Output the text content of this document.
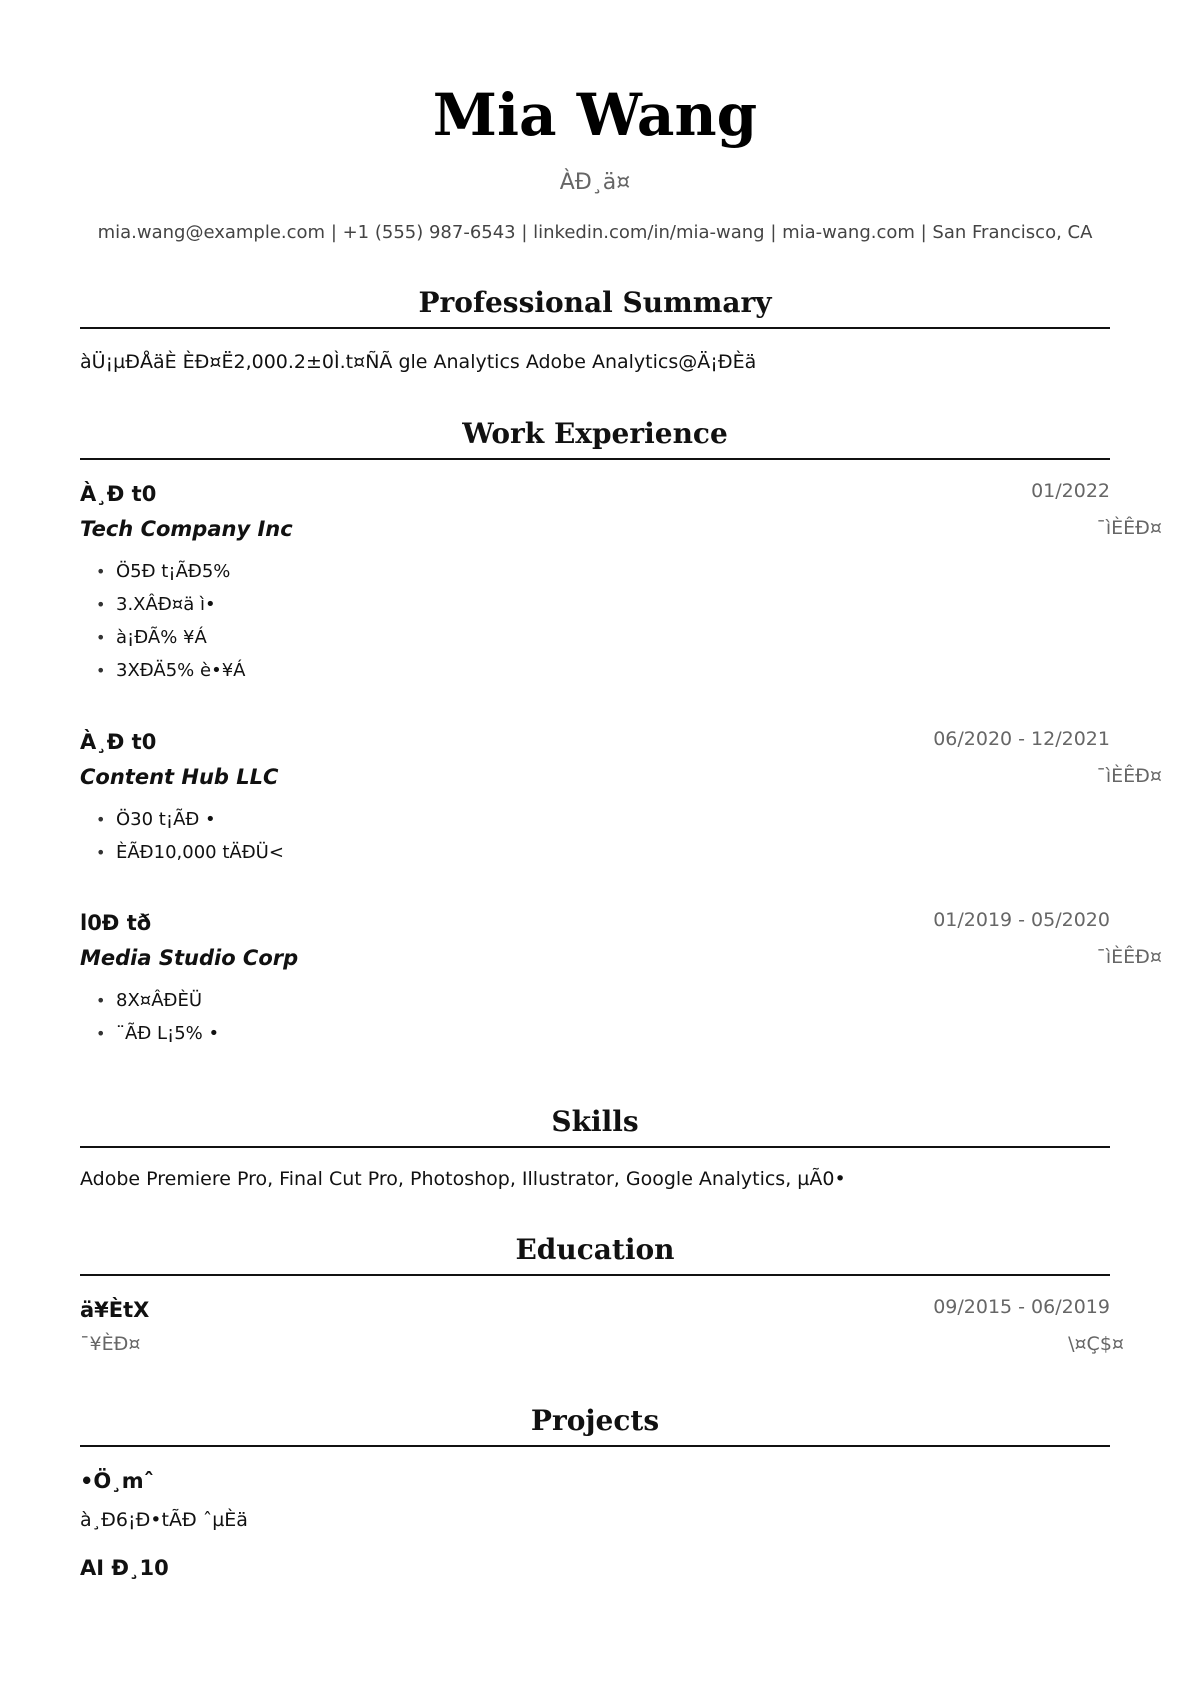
Mia Wang
ÀÐ¸ä¤
mia.wang@example.com | +1 (555) 987-6543 | linkedin.com/in/mia-wang | mia-wang.com | San Francisco, CA
Professional Summary
àÜ¡µÐÅäÈ ÈÐ¤Ë2,000.2±0Ì.t¤ÑÃ gle Analytics Adobe Analytics@Ä¡ÐÈä
Work Experience
À¸Ð t0	01/2022
Tech Company Inc	¯ìÈÊÐ¤
• Ö5Ð t¡ÃÐ5%
• 3.XÂÐ¤ä ì•
• à¡ÐÃ% ¥Á
• 3XÐÄ5% è•¥Á
À¸Ð t0	06/2020 - 12/2021
Content Hub LLC	¯ìÈÊÐ¤
• Ö30 t¡ÃÐ •
• ÈÃÐ10,000 tÄÐÜ<
l0Ð tð	01/2019 - 05/2020
Media Studio Corp	¯ìÈÊÐ¤
• 8X¤ÂÐÈÜ
• ¨ÃÐ L¡5% •
Skills
Adobe Premiere Pro, Final Cut Pro, Photoshop, Illustrator, Google Analytics, µÃ0•
Education
ä¥ÈtX	09/2015 - 06/2019
¯¥ÈÐ¤	\¤Ç$¤
Projects
•Ö¸mˆ
à¸Ð6¡Ð•tÃÐ ˆµÈä
AI Ð¸10
